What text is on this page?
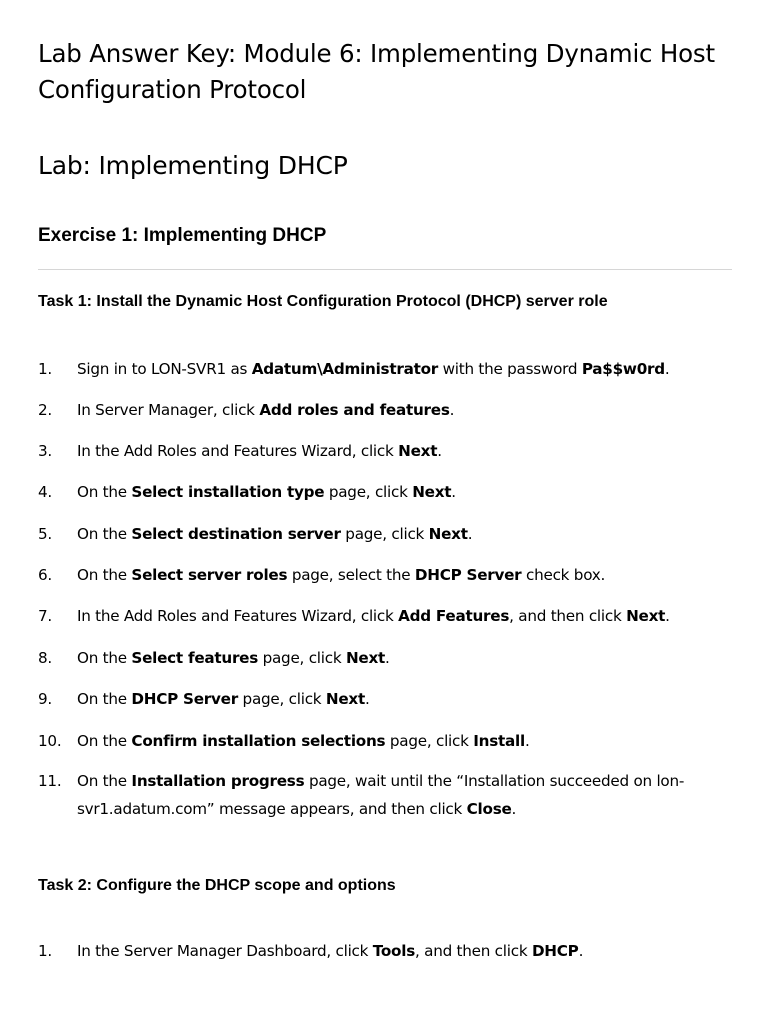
Lab Answer Key: Module 6: Implementing Dynamic Host Configuration Protocol
Lab: Implementing DHCP
Exercise 1: Implementing DHCP
Task 1: Install the Dynamic Host Configuration Protocol (DHCP) server role
1.	Sign in to LON-SVR1 as Adatum\Administrator with the password Pa$$w0rd.
2.	In Server Manager, click Add roles and features.
3.	In the Add Roles and Features Wizard, click Next.
4.	On the Select installation type page, click Next.
5.	On the Select destination server page, click Next.
6.	On the Select server roles page, select the DHCP Server check box.
7.	In the Add Roles and Features Wizard, click Add Features, and then click Next.
8.	On the Select features page, click Next.
9.	On the DHCP Server page, click Next.
10.	On the Confirm installation selections page, click Install.
11.	On the Installation progress page, wait until the “Installation succeeded on lon-svr1.adatum.com” message appears, and then click Close.
Task 2: Configure the DHCP scope and options
1.	In the Server Manager Dashboard, click Tools, and then click DHCP.
